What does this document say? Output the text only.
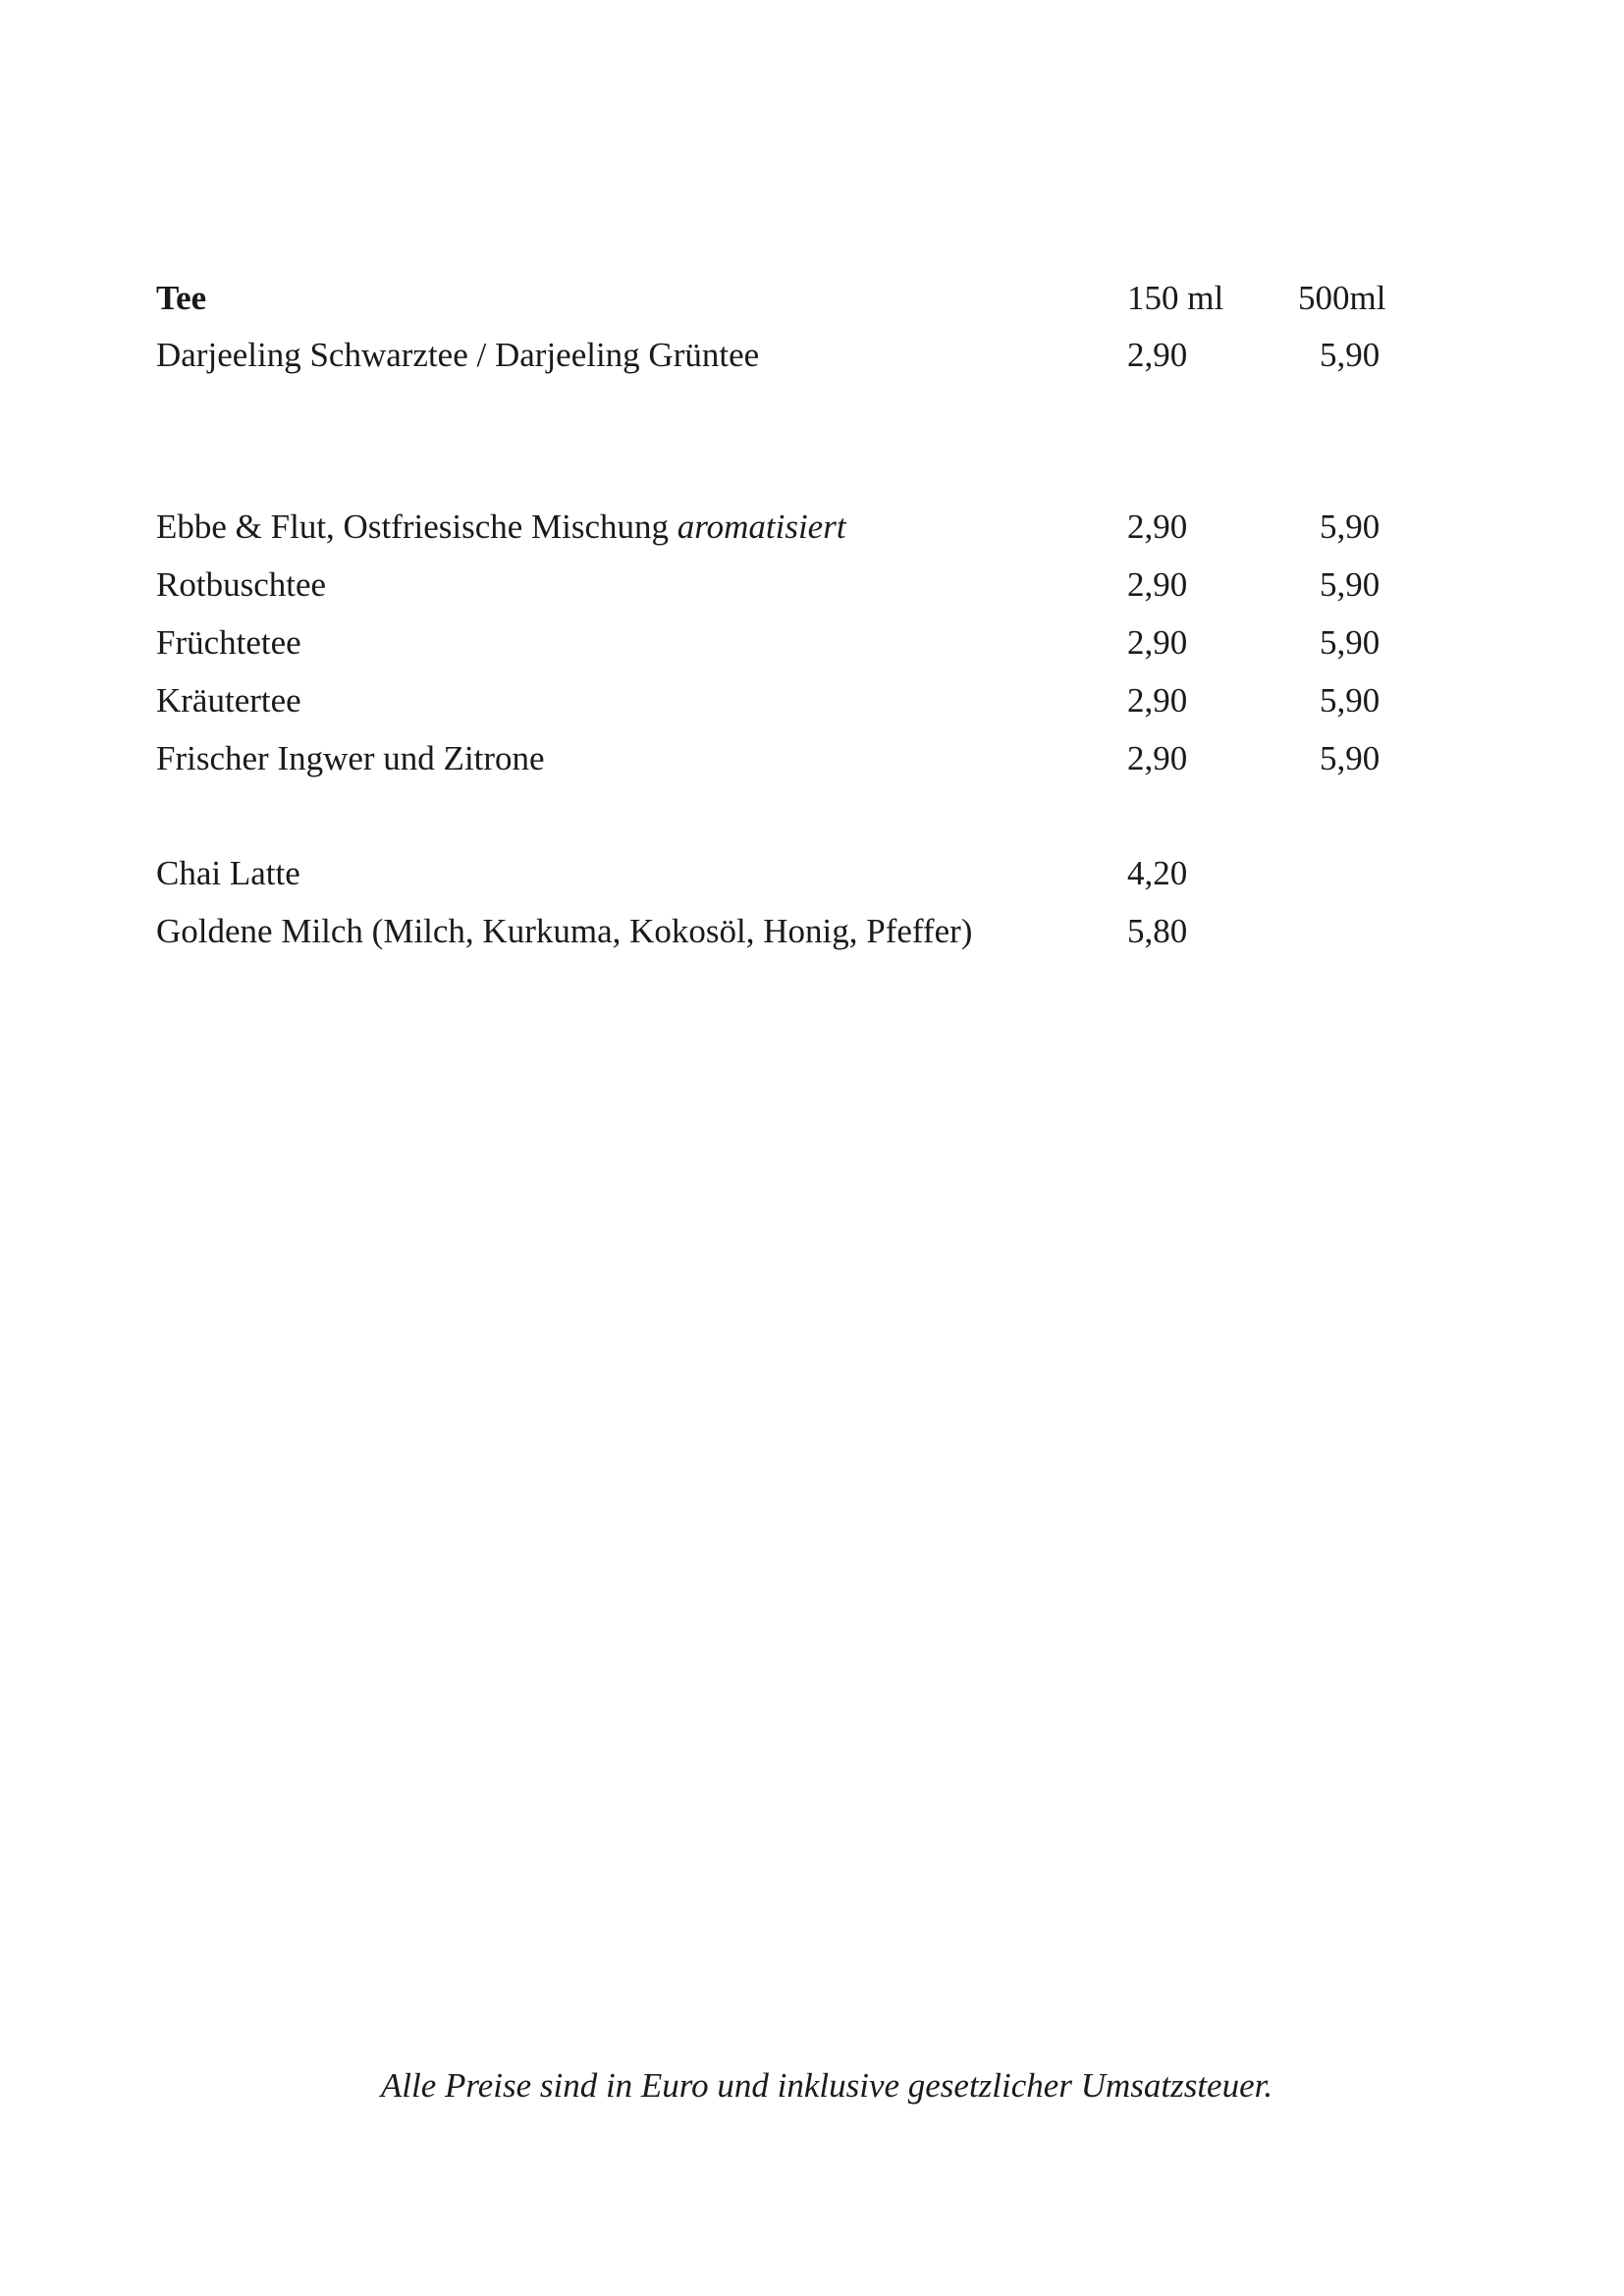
Tee	150 ml 500ml
Darjeeling Schwarztee / Darjeeling Grüntee	2,90	5,90
Ebbe & Flut, Ostfriesische Mischung aromatisiert	2,90	5,90
Rotbuschtee	2,90	5,90
Früchtetee	2,90	5,90
Kräutertee	2,90	5,90
Frischer Ingwer und Zitrone	2,90	5,90
Chai Latte	4,20
Goldene Milch (Milch, Kurkuma, Kokosöl, Honig, Pfeffer)	5,80
Alle Preise sind in Euro und inklusive gesetzlicher Umsatzsteuer.
